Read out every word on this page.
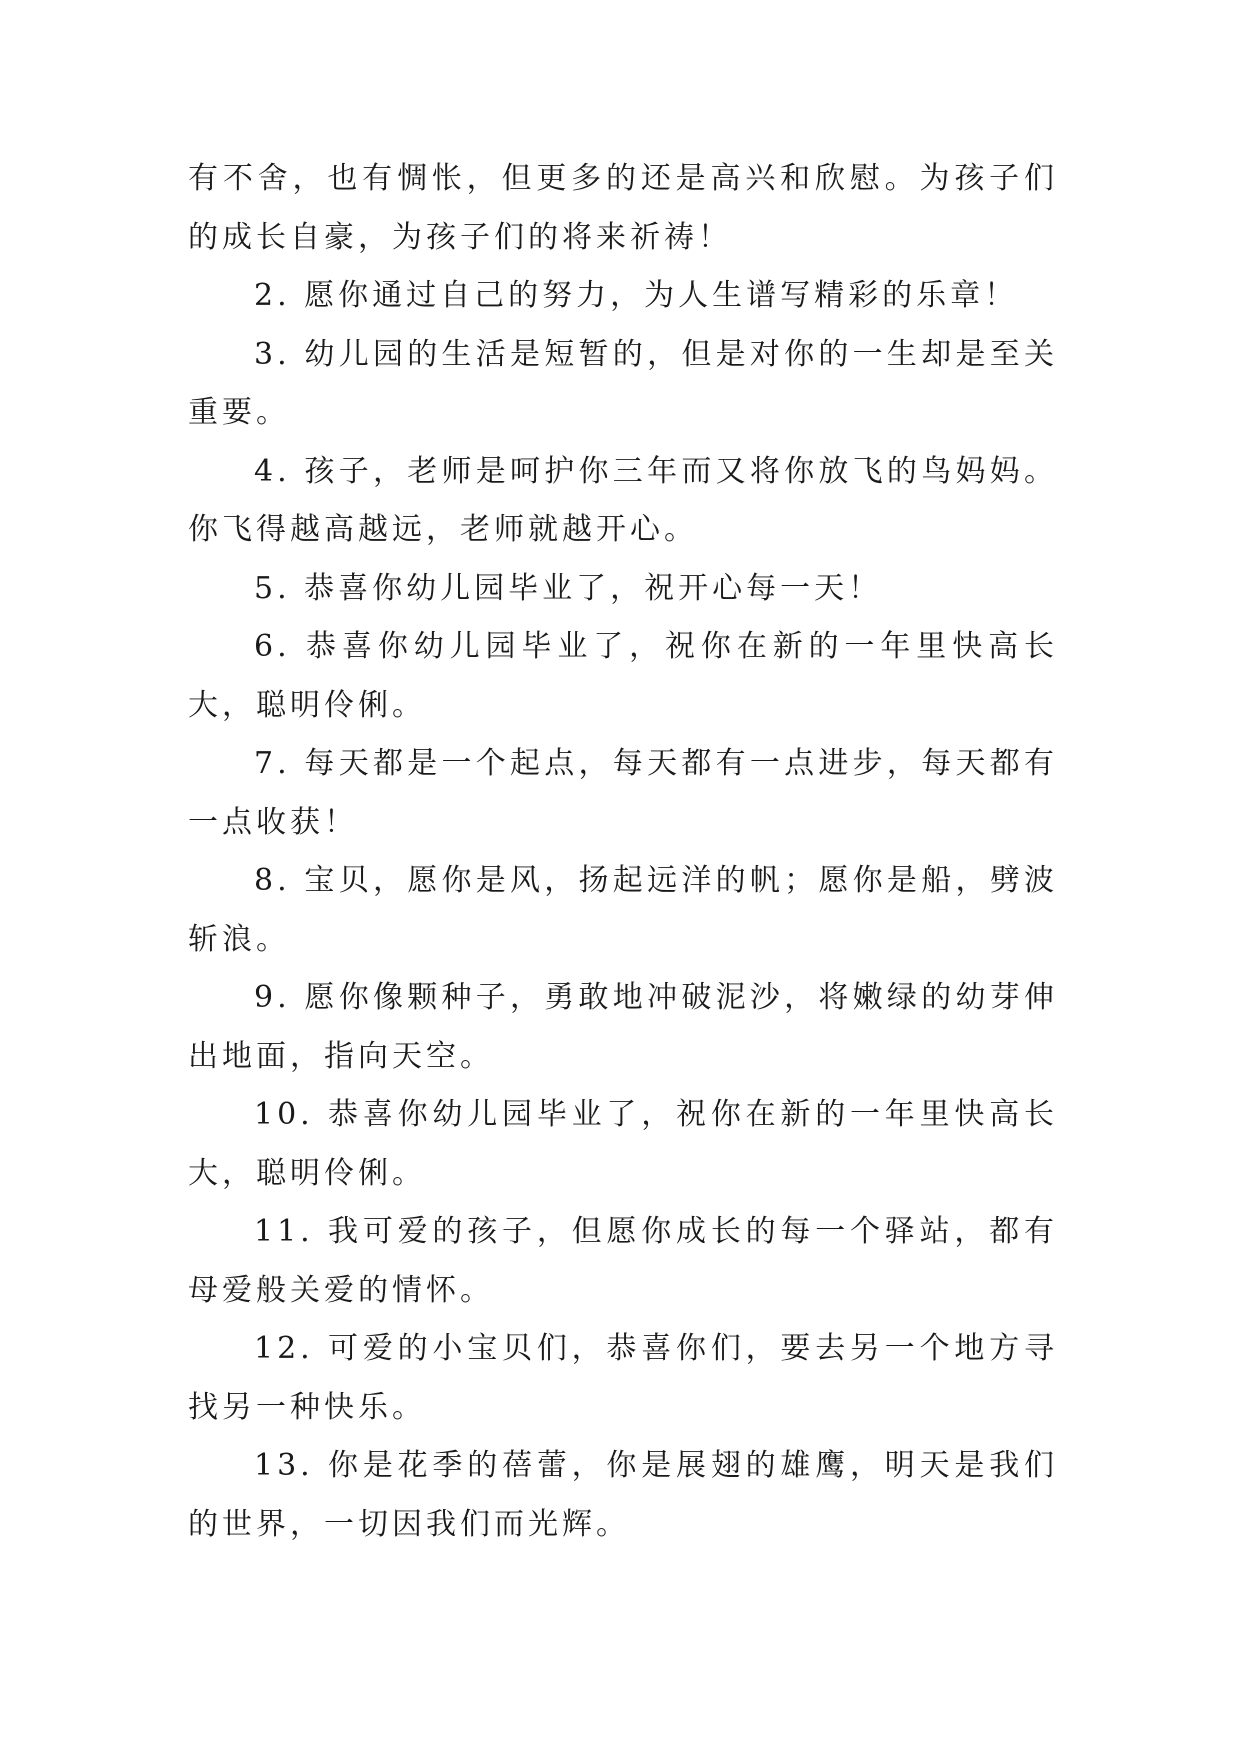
有不舍，也有惆怅，但更多的还是高兴和欣慰。为孩子们的成长自豪，为孩子们的将来祈祷！

2. 愿你通过自己的努力，为人生谱写精彩的乐章！

3. 幼儿园的生活是短暂的，但是对你的一生却是至关重要。

4. 孩子，老师是呵护你三年而又将你放飞的鸟妈妈。你飞得越高越远，老师就越开心。

5. 恭喜你幼儿园毕业了，祝开心每一天！

6. 恭喜你幼儿园毕业了，祝你在新的一年里快高长大，聪明伶俐。

7. 每天都是一个起点，每天都有一点进步，每天都有一点收获！

8. 宝贝，愿你是风，扬起远洋的帆；愿你是船，劈波斩浪。

9. 愿你像颗种子，勇敢地冲破泥沙，将嫩绿的幼芽伸出地面，指向天空。

10. 恭喜你幼儿园毕业了，祝你在新的一年里快高长大，聪明伶俐。

11. 我可爱的孩子，但愿你成长的每一个驿站，都有母爱般关爱的情怀。

12. 可爱的小宝贝们，恭喜你们，要去另一个地方寻找另一种快乐。

13. 你是花季的蓓蕾，你是展翅的雄鹰，明天是我们的世界，一切因我们而光辉。
